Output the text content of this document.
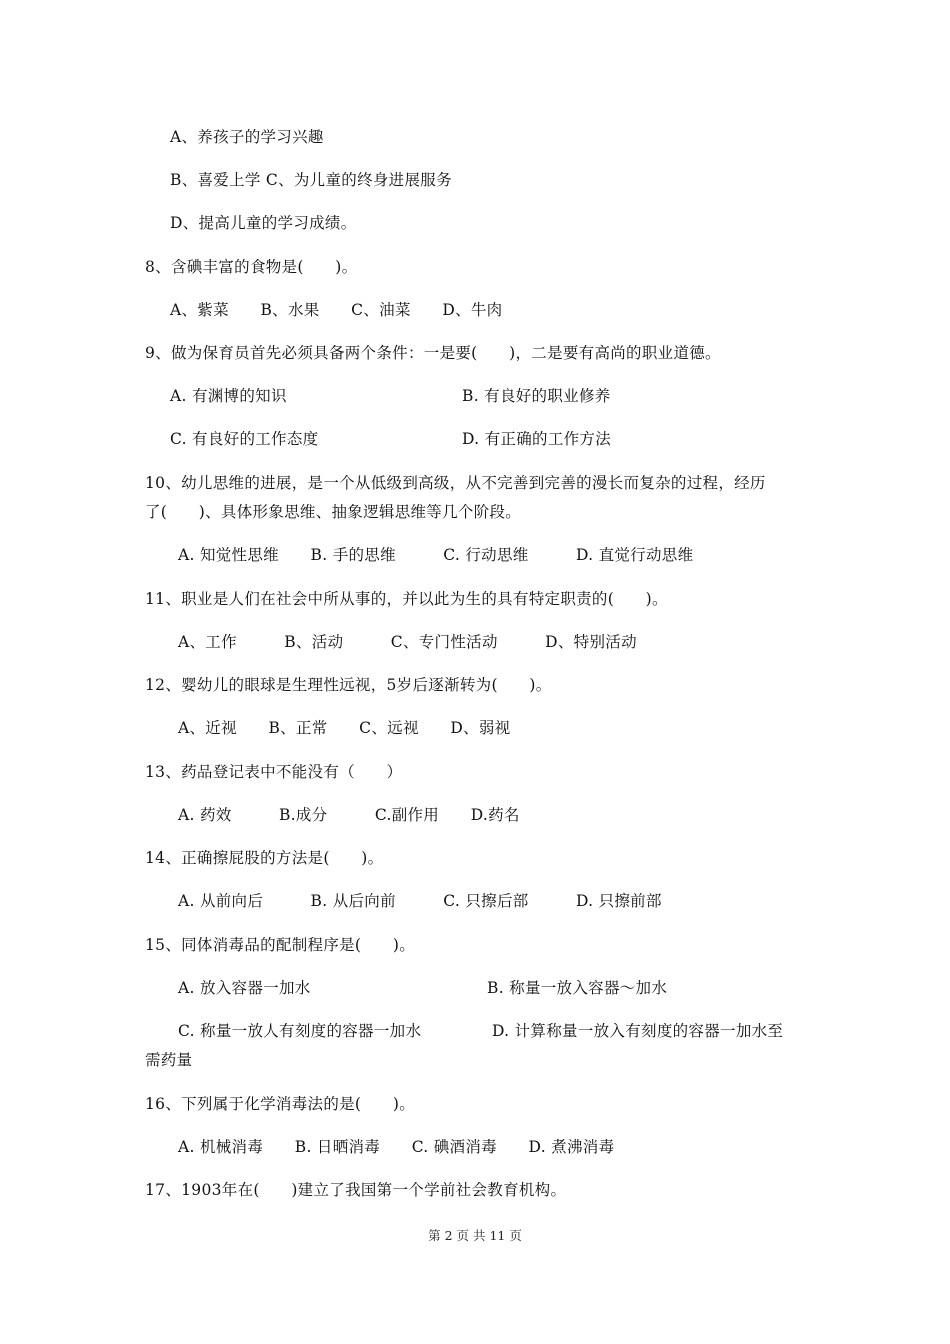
A、养孩子的学习兴趣
B、喜爱上学 C、为儿童的终身进展服务
D、提高儿童的学习成绩。
8、含碘丰富的食物是(　　)。
A、紫菜　　B、水果　　C、油菜　　D、牛肉
9、做为保育员首先必须具备两个条件：一是要(　　)，二是要有高尚的职业道德。
A. 有渊博的知识	B. 有良好的职业修养
C. 有良好的工作态度	D. 有正确的工作方法
10、幼儿思维的进展，是一个从低级到高级，从不完善到完善的漫长而复杂的过程，经历
了(　　)、具体形象思维、抽象逻辑思维等几个阶段。
A. 知觉性思维　　B. 手的思维　　　C. 行动思维　　　D. 直觉行动思维
11、职业是人们在社会中所从事的，并以此为生的具有特定职责的(　　)。
A、工作　　　B、活动　　　C、专门性活动　　　D、特别活动
12、婴幼儿的眼球是生理性远视，5岁后逐渐转为(　　)。
A、近视　　B、正常　　C、远视　　D、弱视
13、药品登记表中不能没有（　　）
A. 药效　　　B.成分　　　C.副作用　　D.药名
14、正确擦屁股的方法是(　　)。
A. 从前向后　　　B. 从后向前　　　C. 只擦后部　　　D. 只擦前部
15、同体消毒品的配制程序是(　　)。
A. 放入容器一加水	B. 称量一放入容器～加水
C. 称量一放人有刻度的容器一加水	D. 计算称量一放入有刻度的容器一加水至
需药量
16、下列属于化学消毒法的是(　　)。
A. 机械消毒　　B. 日晒消毒　　C. 碘酒消毒　　D. 煮沸消毒
17、1903年在(　　)建立了我国第一个学前社会教育机构。
第 2 页 共 11 页
